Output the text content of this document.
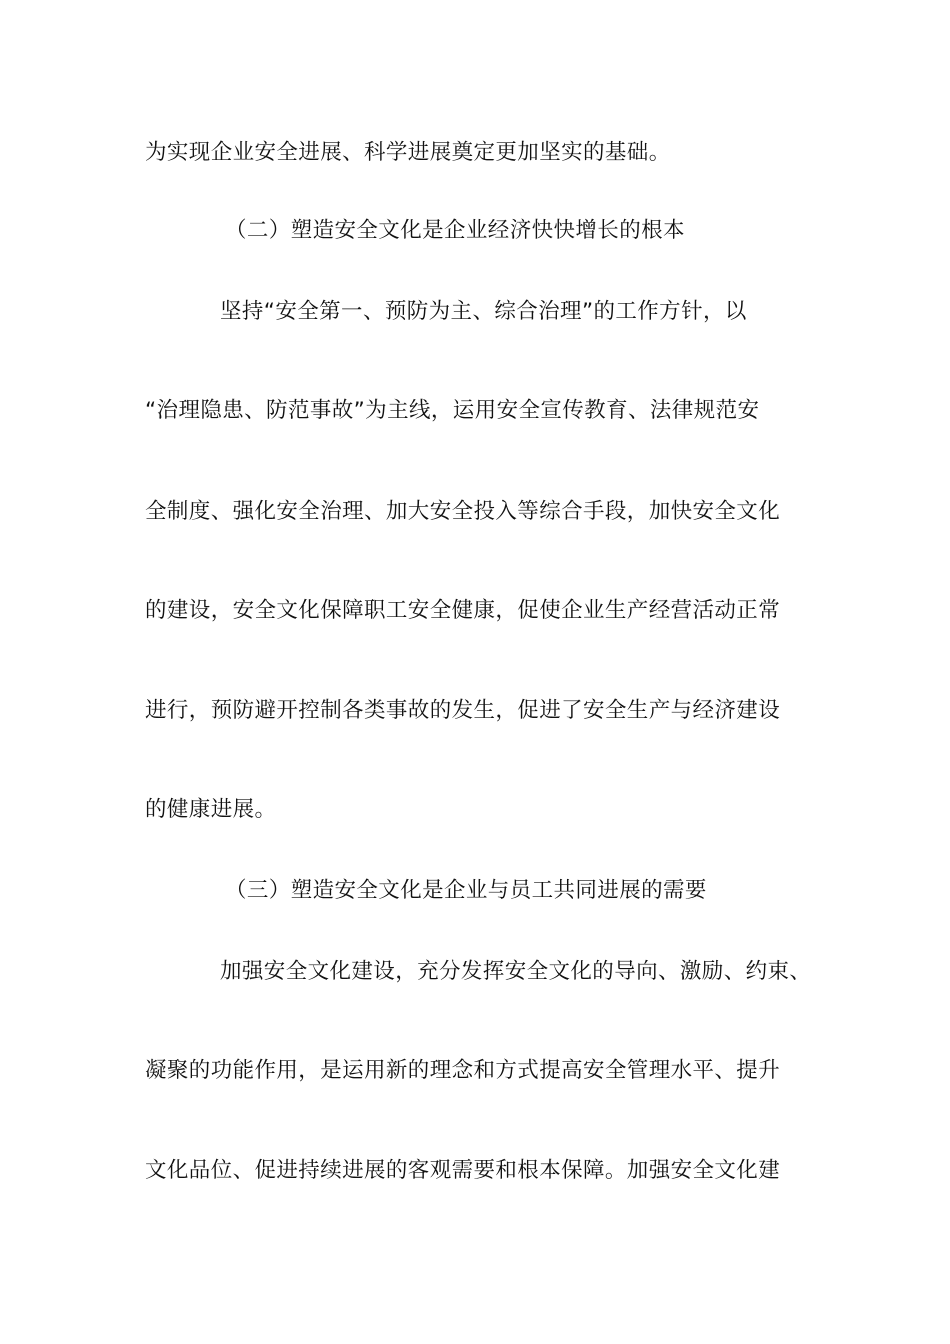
为实现企业安全进展、科学进展奠定更加坚实的基础。
（二）塑造安全文化是企业经济快快增长的根本
坚持“安全第一、预防为主、综合治理”的工作方针，以
“治理隐患、防范事故”为主线，运用安全宣传教育、法律规范安
全制度、强化安全治理、加大安全投入等综合手段，加快安全文化
的建设，安全文化保障职工安全健康，促使企业生产经营活动正常
进行，预防避开控制各类事故的发生，促进了安全生产与经济建设
的健康进展。
（三）塑造安全文化是企业与员工共同进展的需要
加强安全文化建设，充分发挥安全文化的导向、激励、约束、
凝聚的功能作用，是运用新的理念和方式提高安全管理水平、提升
文化品位、促进持续进展的客观需要和根本保障。加强安全文化建
